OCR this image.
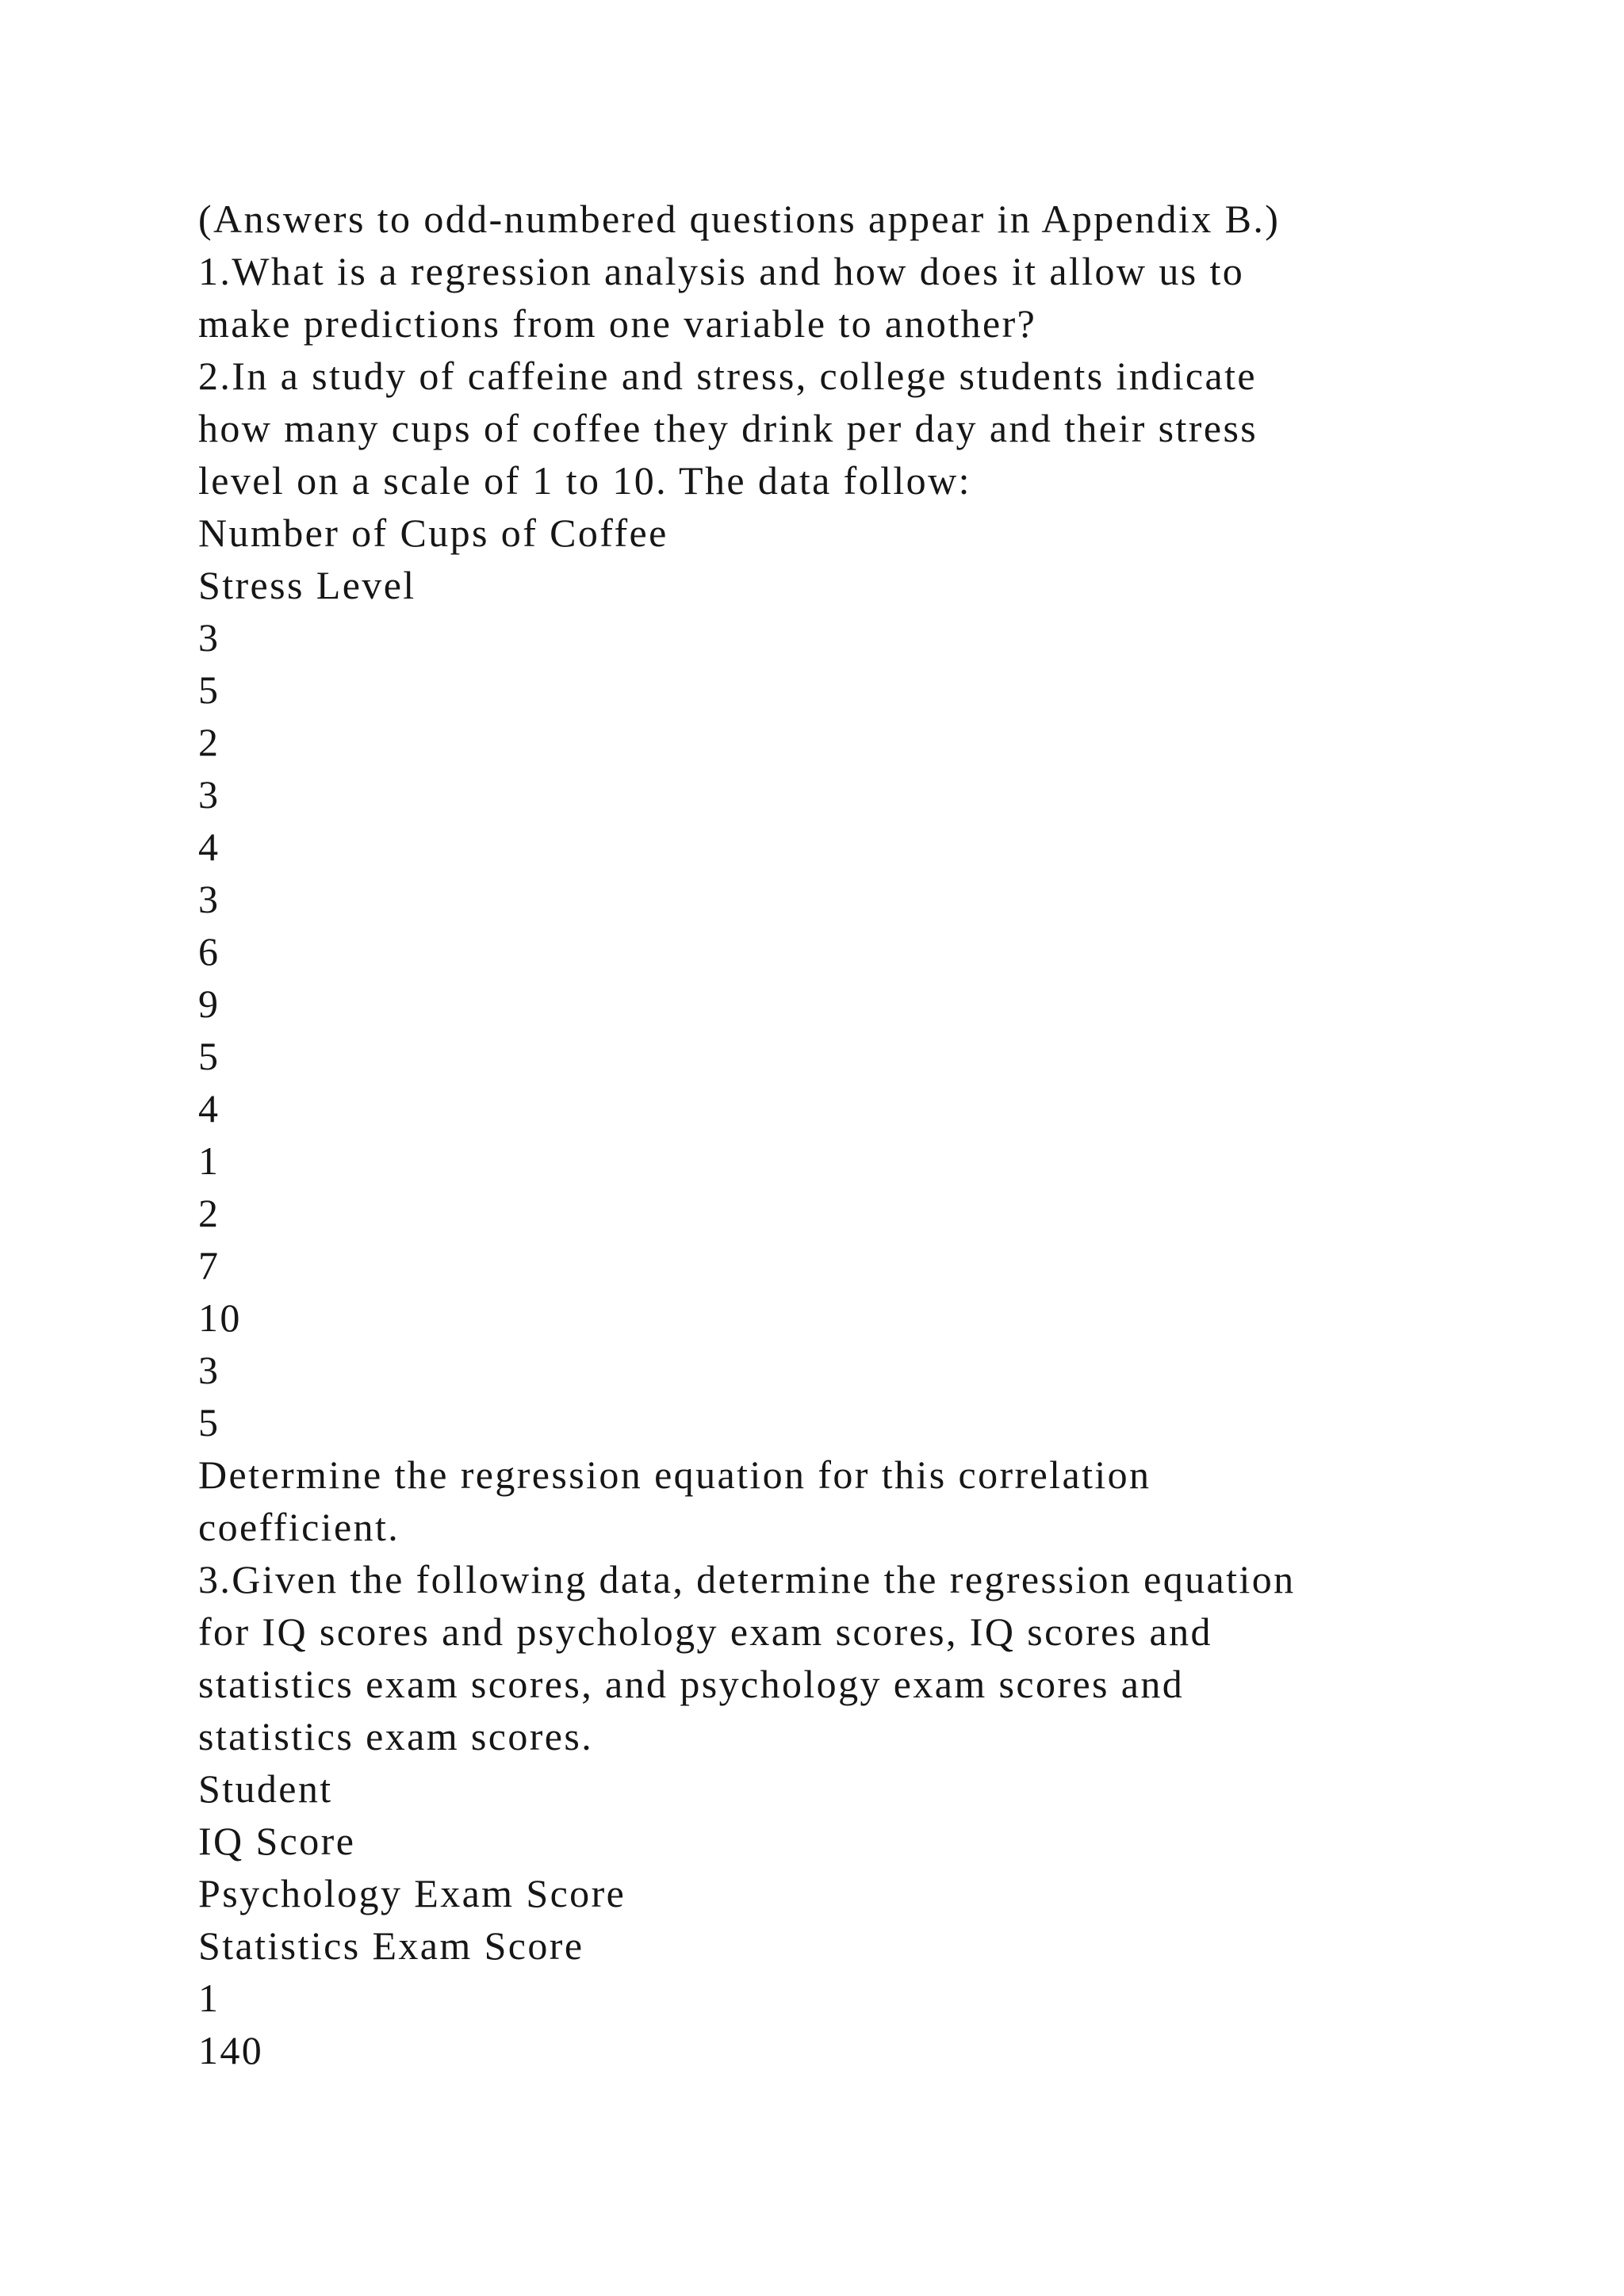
(Answers to odd-numbered questions appear in Appendix B.)
1.What is a regression analysis and how does it allow us to
make predictions from one variable to another?
2.In a study of caffeine and stress, college students indicate
how many cups of coffee they drink per day and their stress
level on a scale of 1 to 10. The data follow:
Number of Cups of Coffee
Stress Level
3
5
2
3
4
3
6
9
5
4
1
2
7
10
3
5
Determine the regression equation for this correlation
coefficient.
3.Given the following data, determine the regression equation
for IQ scores and psychology exam scores, IQ scores and
statistics exam scores, and psychology exam scores and
statistics exam scores.
Student
IQ Score
Psychology Exam Score
Statistics Exam Score
1
140
